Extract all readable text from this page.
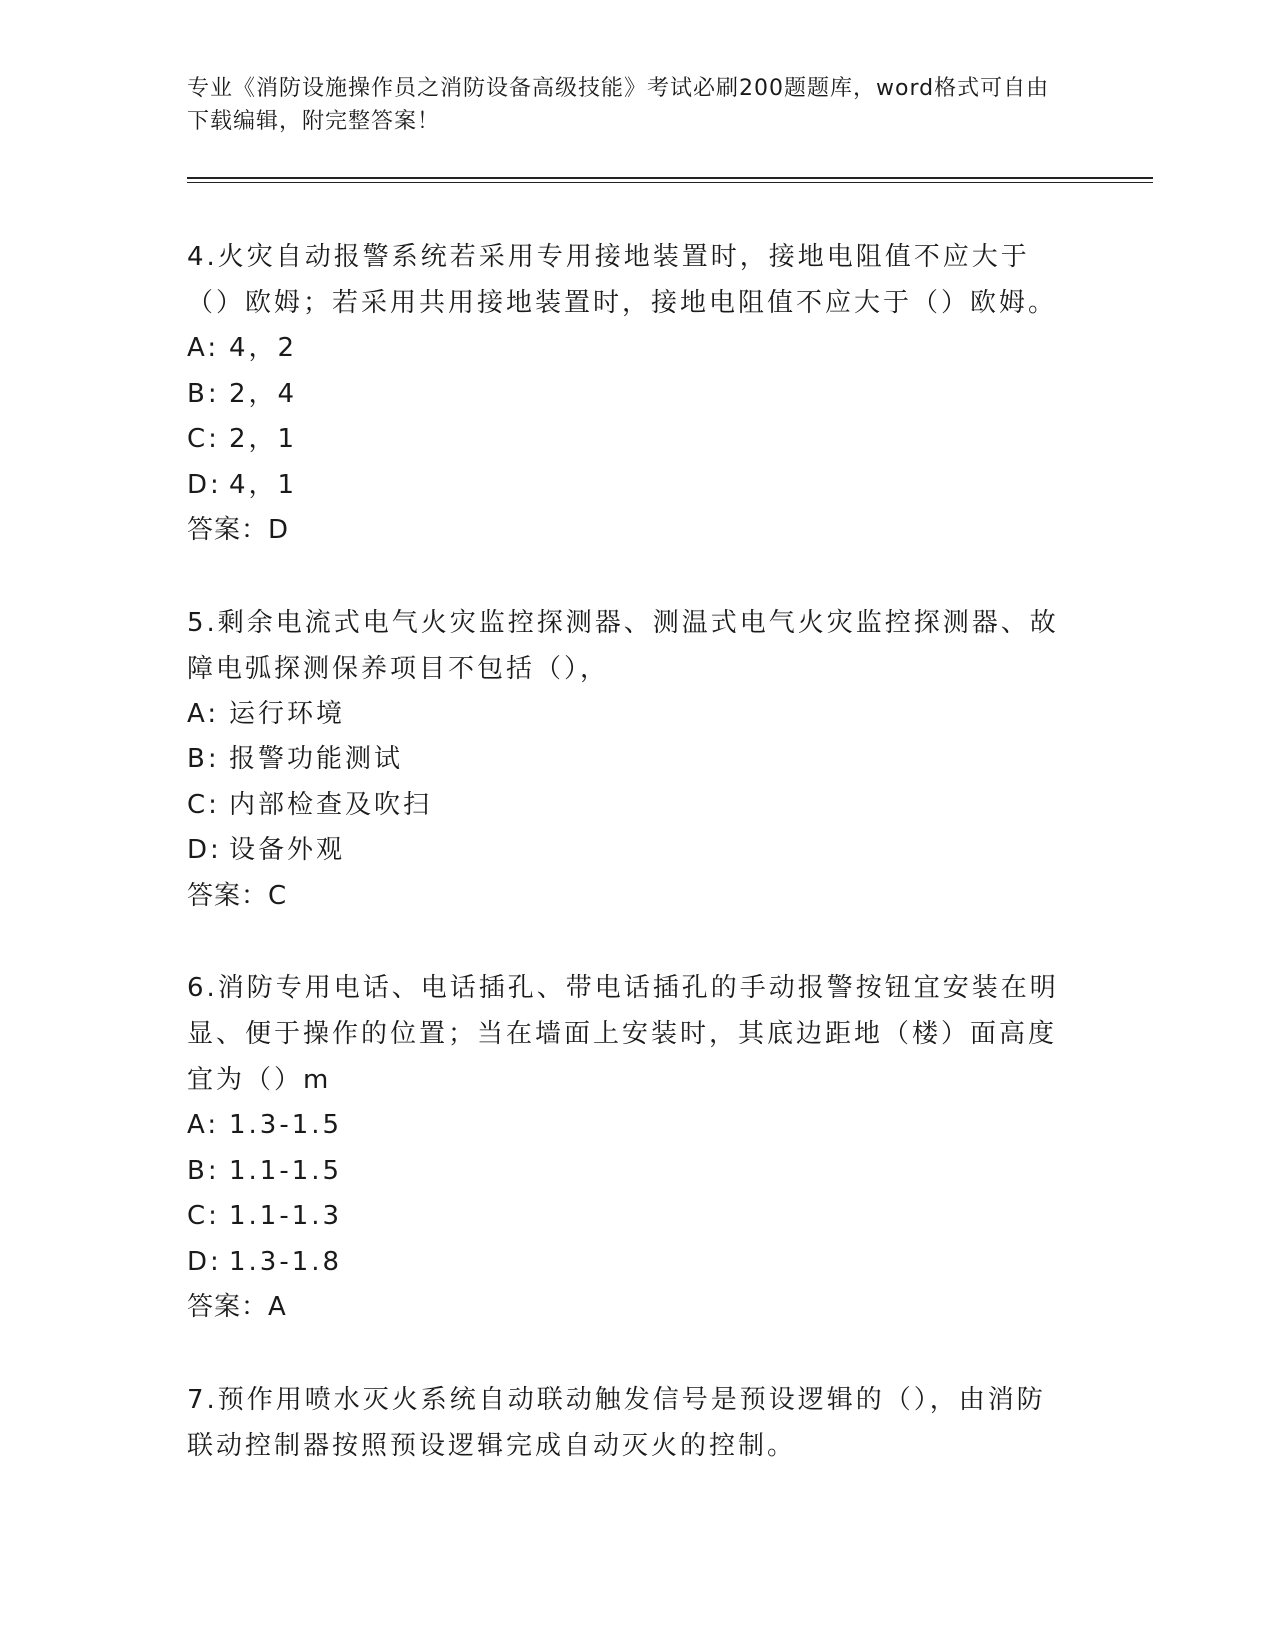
专业《消防设施操作员之消防设备高级技能》考试必刷200题题库，word格式可自由下载编辑，附完整答案！

4.火灾自动报警系统若采用专用接地装置时，接地电阻值不应大于（）欧姆；若采用共用接地装置时，接地电阻值不应大于（）欧姆。

A: 4，2
B: 2，4
C: 2，1
D: 4，1

答案：D

5.剩余电流式电气火灾监控探测器、测温式电气火灾监控探测器、故障电弧探测保养项目不包括（），

A: 运行环境
B: 报警功能测试
C: 内部检查及吹扫
D: 设备外观

答案：C

6.消防专用电话、电话插孔、带电话插孔的手动报警按钮宜安装在明显、便于操作的位置；当在墙面上安装时，其底边距地（楼）面高度宜为（）m

A: 1.3-1.5
B: 1.1-1.5
C: 1.1-1.3
D: 1.3-1.8

答案：A

7.预作用喷水灭火系统自动联动触发信号是预设逻辑的（），由消防联动控制器按照预设逻辑完成自动灭火的控制。
